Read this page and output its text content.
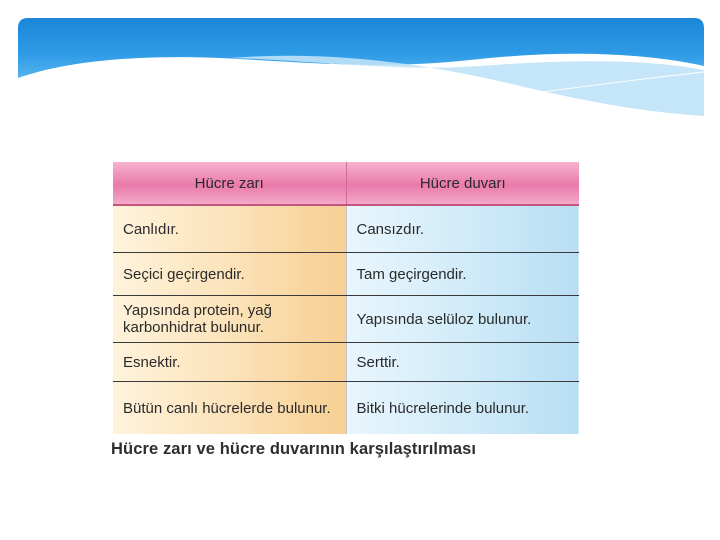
Hücre zarı	Hücre duvarı
Canlıdır.	Cansızdır.
Seçici geçirgendir.	Tam geçirgendir.
Yapısında protein, yağ karbonhidrat bulunur.	Yapısında selüloz bulunur.
Esnektir.	Serttir.
Bütün canlı hücrelerde bulunur.	Bitki hücrelerinde bulunur.
Hücre zarı ve hücre duvarının karşılaştırılması
